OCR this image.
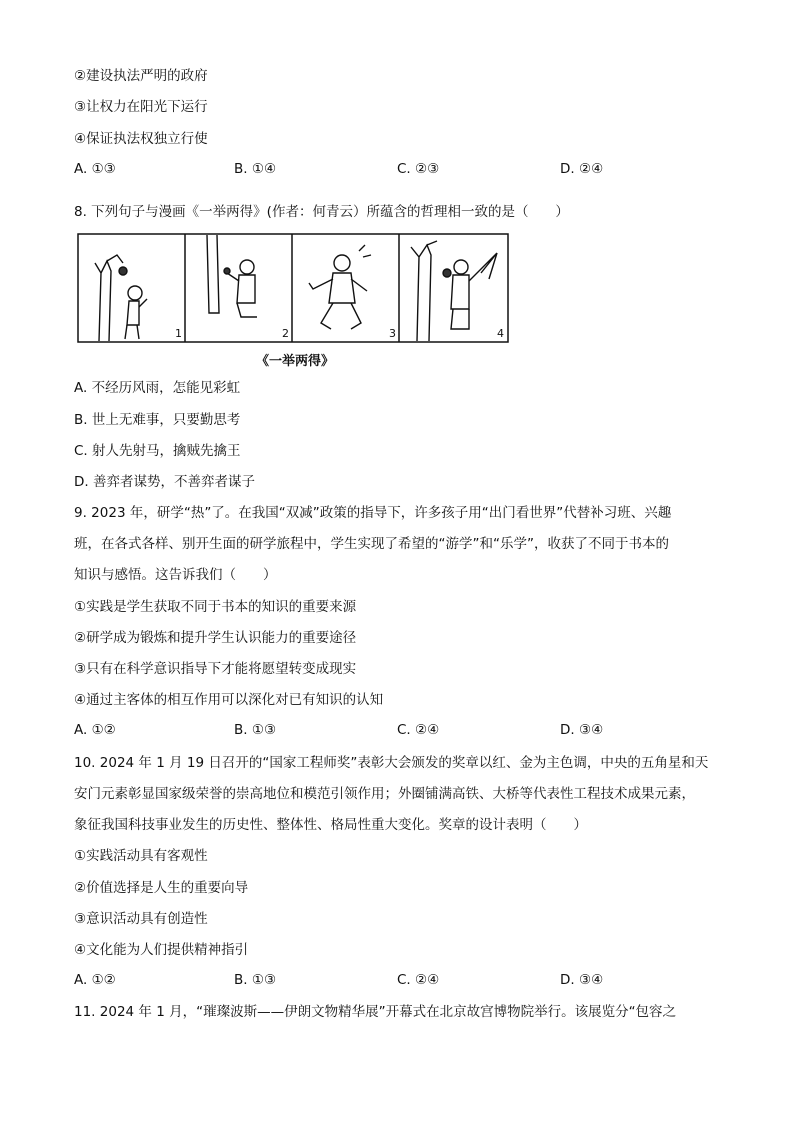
②建设执法严明的政府
③让权力在阳光下运行
④保证执法权独立行使
A. ①③	B. ①④	C. ②③	D. ②④
8. 下列句子与漫画《一举两得》(作者：何青云）所蕴含的哲理相一致的是（　　）
1	2	3	4
《一举两得》
A. 不经历风雨，怎能见彩虹
B. 世上无难事，只要勤思考
C. 射人先射马，擒贼先擒王
D. 善弈者谋势，不善弈者谋子
9. 2023 年，研学“热”了。在我国“双减”政策的指导下，许多孩子用“出门看世界”代替补习班、兴趣
班，在各式各样、别开生面的研学旅程中，学生实现了希望的“游学”和“乐学”，收获了不同于书本的
知识与感悟。这告诉我们（　　）
①实践是学生获取不同于书本的知识的重要来源
②研学成为锻炼和提升学生认识能力的重要途径
③只有在科学意识指导下才能将愿望转变成现实
④通过主客体的相互作用可以深化对已有知识的认知
A. ①②	B. ①③	C. ②④	D. ③④
10. 2024 年 1 月 19 日召开的“国家工程师奖”表彰大会颁发的奖章以红、金为主色调，中央的五角星和天
安门元素彰显国家级荣誉的崇高地位和模范引领作用；外圈铺满高铁、大桥等代表性工程技术成果元素，
象征我国科技事业发生的历史性、整体性、格局性重大变化。奖章的设计表明（　　）
①实践活动具有客观性
②价值选择是人生的重要向导
③意识活动具有创造性
④文化能为人们提供精神指引
A. ①②	B. ①③	C. ②④	D. ③④
11. 2024 年 1 月，“璀璨波斯——伊朗文物精华展”开幕式在北京故宫博物院举行。该展览分“包容之
